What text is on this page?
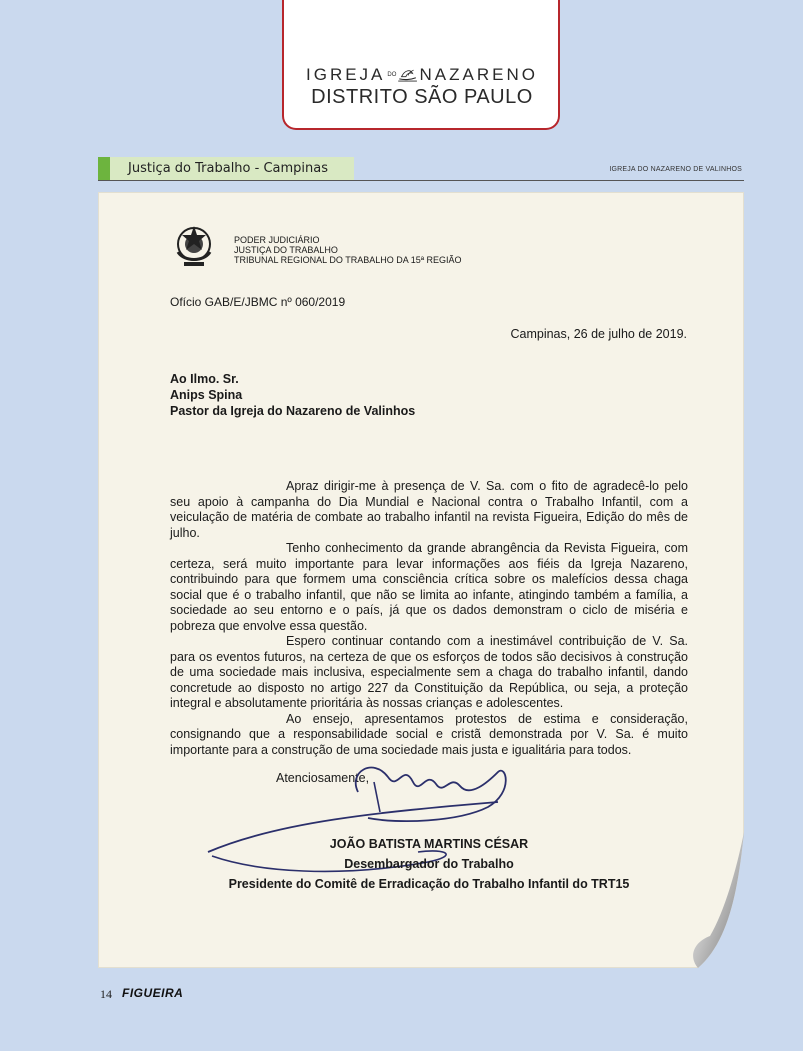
IGREJA DO NAZARENO
DISTRITO SÃO PAULO
Justiça do Trabalho - Campinas	IGREJA DO NAZARENO DE VALINHOS
PODER JUDICIÁRIO
JUSTIÇA DO TRABALHO
TRIBUNAL REGIONAL DO TRABALHO DA 15ª REGIÃO
Ofício GAB/E/JBMC nº 060/2019
Campinas, 26 de julho de 2019.
Ao Ilmo. Sr.
Anips Spina
Pastor da Igreja do Nazareno de Valinhos

Apraz dirigir-me à presença de V. Sa. com o fito de agradecê-lo pelo seu apoio à campanha do Dia Mundial e Nacional contra o Trabalho Infantil, com a veiculação de matéria de combate ao trabalho infantil na revista Figueira, Edição do mês de julho.

Tenho conhecimento da grande abrangência da Revista Figueira, com certeza, será muito importante para levar informações aos fiéis da Igreja Nazareno, contribuindo para que formem uma consciência crítica sobre os malefícios dessa chaga social que é o trabalho infantil, que não se limita ao infante, atingindo também a família, a sociedade ao seu entorno e o país, já que os dados demonstram o ciclo de miséria e pobreza que envolve essa questão.

Espero continuar contando com a inestimável contribuição de V. Sa. para os eventos futuros, na certeza de que os esforços de todos são decisivos à construção de uma sociedade mais inclusiva, especialmente sem a chaga do trabalho infantil, dando concretude ao disposto no artigo 227 da Constituição da República, ou seja, a proteção integral e absolutamente prioritária às nossas crianças e adolescentes.

Ao ensejo, apresentamos protestos de estima e consideração, consignando que a responsabilidade social e cristã demonstrada por V. Sa. é muito importante para a construção de uma sociedade mais justa e igualitária para todos.

Atenciosamente,
JOÃO BATISTA MARTINS CÉSAR
Desembargador do Trabalho
Presidente do Comitê de Erradicação do Trabalho Infantil do TRT15
14 FIGUEIRA
